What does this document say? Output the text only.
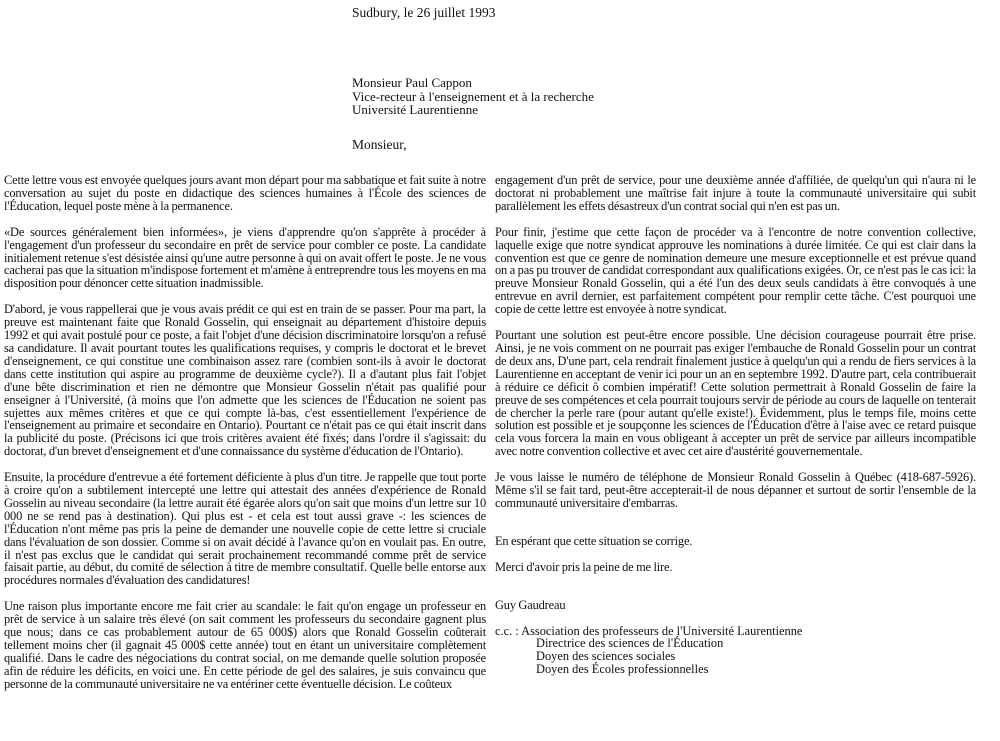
Sudbury, le 26 juillet 1993
Monsieur Paul Cappon
Vice-recteur à l'enseignement et à la recherche
Université Laurentienne
Monsieur,

Cette lettre vous est envoyée quelques jours avant mon départ pour ma sabbatique et fait suite à notre conversation au sujet du poste en didactique des sciences humaines à l'École des sciences de l'Éducation, lequel poste mène à la permanence.

«De sources généralement bien informées», je viens d'apprendre qu'on s'apprête à procéder à l'engagement d'un professeur du secondaire en prêt de service pour combler ce poste. La candidate initialement retenue s'est désistée ainsi qu'une autre personne à qui on avait offert le poste. Je ne vous cacherai pas que la situation m'indispose fortement et m'amène à entreprendre tous les moyens en ma disposition pour dénoncer cette situation inadmissible.

D'abord, je vous rappellerai que je vous avais prédit ce qui est en train de se passer. Pour ma part, la preuve est maintenant faite que Ronald Gosselin, qui enseignait au département d'histoire depuis 1992 et qui avait postulé pour ce poste, a fait l'objet d'une décision discriminatoire lorsqu'on a refusé sa candidature. Il avait pourtant toutes les qualifications requises, y compris le doctorat et le brevet d'enseignement, ce qui constitue une combinaison assez rare (combien sont-ils à avoir le doctorat dans cette institution qui aspire au programme de deuxième cycle?). Il a d'autant plus fait l'objet d'une bête discrimination et rien ne démontre que Monsieur Gosselin n'était pas qualifié pour enseigner à l'Université, (à moins que l'on admette que les sciences de l'Éducation ne soient pas sujettes aux mêmes critères et que ce qui compte là-bas, c'est essentiellement l'expérience de l'enseignement au primaire et secondaire en Ontario). Pourtant ce n'était pas ce qui était inscrit dans la publicité du poste. (Précisons ici que trois critères avaient été fixés; dans l'ordre il s'agissait: du doctorat, d'un brevet d'enseignement et d'une connaissance du système d'éducation de l'Ontario).

Ensuite, la procédure d'entrevue a été fortement déficiente à plus d'un titre. Je rappelle que tout porte à croire qu'on a subtilement intercepté une lettre qui attestait des années d'expérience de Ronald Gosselin au niveau secondaire (la lettre aurait été égarée alors qu'on sait que moins d'un lettre sur 10 000 ne se rend pas à destination). Qui plus est - et cela est tout aussi grave -: les sciences de l'Éducation n'ont même pas pris la peine de demander une nouvelle copie de cette lettre si cruciale dans l'évaluation de son dossier. Comme si on avait décidé à l'avance qu'on en voulait pas. En outre, il n'est pas exclus que le candidat qui serait prochainement recommandé comme prêt de service faisait partie, au début, du comité de sélection à titre de membre consultatif. Quelle belle entorse aux procédures normales d'évaluation des candidatures!

Une raison plus importante encore me fait crier au scandale: le fait qu'on engage un professeur en prêt de service à un salaire très élevé (on sait comment les professeurs du secondaire gagnent plus que nous; dans ce cas probablement autour de 65 000$) alors que Ronald Gosselin coûterait tellement moins cher (il gagnait 45 000$ cette année) tout en étant un universitaire complètement qualifié. Dans le cadre des négociations du contrat social, on me demande quelle solution proposée afin de réduire les déficits, en voici une. En cette période de gel des salaires, je suis convaincu que personne de la communauté universitaire ne va entériner cette éventuelle décision. Le coûteux

engagement d'un prêt de service, pour une deuxième année d'affiliée, de quelqu'un qui n'aura ni le doctorat ni probablement une maîtrise fait injure à toute la communauté universitaire qui subit parallèlement les effets désastreux d'un contrat social qui n'en est pas un.

Pour finir, j'estime que cette façon de procéder va à l'encontre de notre convention collective, laquelle exige que notre syndicat approuve les nominations à durée limitée. Ce qui est clair dans la convention est que ce genre de nomination demeure une mesure exceptionnelle et est prévue quand on a pas pu trouver de candidat correspondant aux qualifications exigées. Or, ce n'est pas le cas ici: la preuve Monsieur Ronald Gosselin, qui a été l'un des deux seuls candidats à être convoqués à une entrevue en avril dernier, est parfaitement compétent pour remplir cette tâche. C'est pourquoi une copie de cette lettre est envoyée à notre syndicat.

Pourtant une solution est peut-être encore possible. Une décision courageuse pourrait être prise. Ainsi, je ne vois comment on ne pourrait pas exiger l'embauche de Ronald Gosselin pour un contrat de deux ans, D'une part, cela rendrait finalement justice à quelqu'un qui a rendu de fiers services à la Laurentienne en acceptant de venir ici pour un an en septembre 1992. D'autre part, cela contribuerait à réduire ce déficit ô combien impératif! Cette solution permettrait à Ronald Gosselin de faire la preuve de ses compétences et cela pourrait toujours servir de période au cours de laquelle on tenterait de chercher la perle rare (pour autant qu'elle existe!). Évidemment, plus le temps file, moins cette solution est possible et je soupçonne les sciences de l'Éducation d'être à l'aise avec ce retard puisque cela vous forcera la main en vous obligeant à accepter un prêt de service par ailleurs incompatible avec notre convention collective et avec cet aire d'austérité gouvernementale.

Je vous laisse le numéro de téléphone de Monsieur Ronald Gosselin à Québec (418-687-5926). Même s'il se fait tard, peut-être accepterait-il de nous dépanner et surtout de sortir l'ensemble de la communauté universitaire d'embarras.

En espérant que cette situation se corrige.

Merci d'avoir pris la peine de me lire.

Guy Gaudreau

c.c. : Association des professeurs de l'Université Laurentienne
Directrice des sciences de l'Éducation
Doyen des sciences sociales
Doyen des Écoles professionnelles
